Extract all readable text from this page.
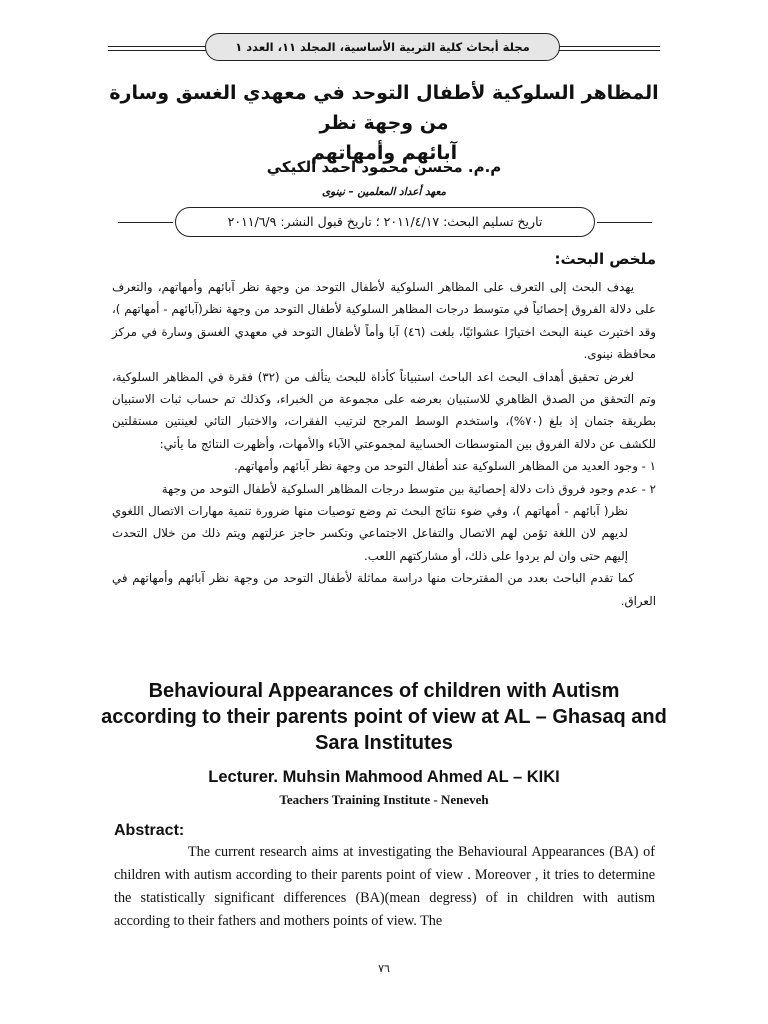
مجلة أبحاث كلية التربية الأساسية، المجلد ١١، العدد ١
المظاهر السلوكية لأطفال التوحد في معهدي الغسق وسارة من وجهة نظر
آبائهم وأمهاتهم
م.م. محسن محمود احمد الكيكي
معهد أعداد المعلمين – نينوى
تاريخ تسليم البحث: ٢٠١١/٤/١٧ ؛ تاريخ قبول النشر: ٢٠١١/٦/٩
ملخص البحث:

يهدف البحث إلى التعرف على المظاهر السلوكية لأطفال التوحد من وجهة نظر آبائهم وأمهاتهم، والتعرف على دلالة الفروق إحصائياً في متوسط درجات المظاهر السلوكية لأطفال التوحد من وجهة نظر(آبائهم - أمهاتهم )، وقد اختيرت عينة البحث اختيارًا عشوائيًا، بلغت (٤٦) آبا وأماً لأطفال التوحد في معهدي الغسق وسارة في مركز محافظة نينوى.

لغرض تحقيق أهداف البحث اعد الباحث استبياناً كأداة للبحث يتألف من (٣٢) فقرة في المظاهر السلوكية، وتم التحقق من الصدق الظاهري للاستبيان بعرضه على مجموعة من الخبراء، وكذلك تم حساب ثبات الاستبيان بطريقة جتمان إذ بلغ (٧٠%)، واستخدم الوسط المرجح لترتيب الفقرات، والاختبار التائي لعينتين مستقلتين للكشف عن دلالة الفروق بين المتوسطات الحسابية لمجموعتي الآباء والأمهات، وأظهرت النتائج ما يأتي:

١ - وجود العديد من المظاهر السلوكية عند أطفال التوحد من وجهة نظر آبائهم وأمهاتهم.

٢ - عدم وجود فروق ذات دلالة إحصائية بين متوسط درجات المظاهر السلوكية لأطفال التوحد من وجهة
نظر( آبائهم - أمهاتهم )، وفي ضوء نتائج البحث تم وضع توصيات منها ضرورة تنمية مهارات الاتصال اللغوي لديهم لان اللغة تؤمن لهم الاتصال والتفاعل الاجتماعي وتكسر حاجز عزلتهم ويتم ذلك من خلال التحدث إليهم حتى وان لم يردوا على ذلك، أو مشاركتهم اللعب.

كما تقدم الباحث بعدد من المقترحات منها دراسة مماثلة لأطفال التوحد من وجهة نظر آبائهم وأمهاتهم في العراق.

Behavioural Appearances of children with Autism according to their parents point of view at AL – Ghasaq and Sara Institutes
Lecturer. Muhsin Mahmood Ahmed AL – KIKI
Teachers Training Institute - Neneveh
Abstract:
The current research aims at investigating the Behavioural Appearances (BA) of children with autism according to their parents point of view . Moreover , it tries to determine the statistically significant differences (BA)(mean degress) of in children with autism according to their fathers and mothers points of view. The
٧٦
